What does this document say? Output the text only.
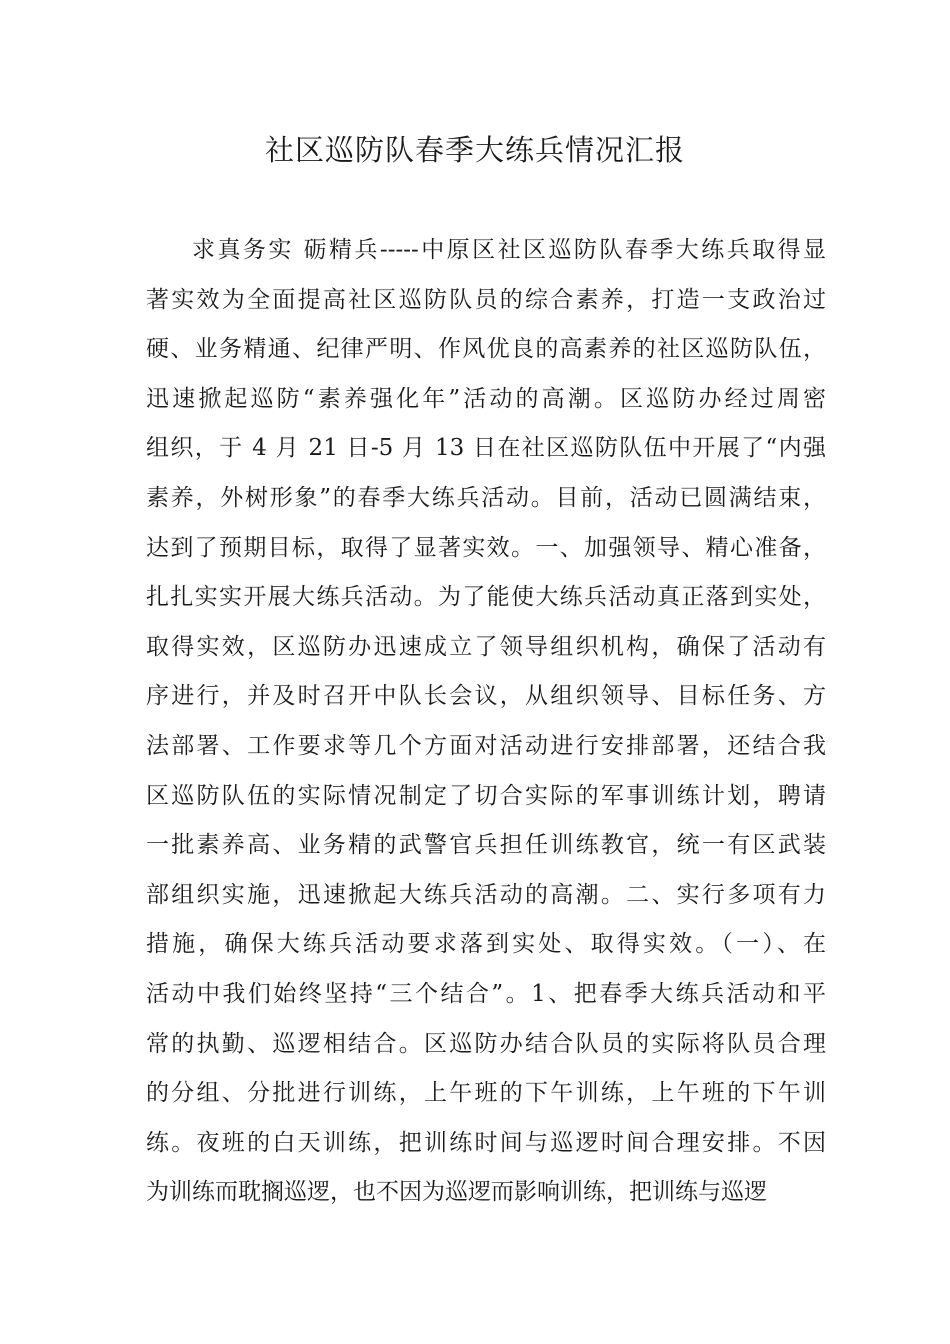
社区巡防队春季大练兵情况汇报
求真务实 砺精兵-----中原区社区巡防队春季大练兵取得显
著实效为全面提高社区巡防队员的综合素养，打造一支政治过
硬、业务精通、纪律严明、作风优良的高素养的社区巡防队伍，
迅速掀起巡防“素养强化年”活动的高潮。区巡防办经过周密
组织，于 4 月 21 日-5 月 13 日在社区巡防队伍中开展了“内强
素养，外树形象”的春季大练兵活动。目前，活动已圆满结束，
达到了预期目标，取得了显著实效。一、加强领导、精心准备，
扎扎实实开展大练兵活动。为了能使大练兵活动真正落到实处，
取得实效，区巡防办迅速成立了领导组织机构，确保了活动有
序进行，并及时召开中队长会议，从组织领导、目标任务、方
法部署、工作要求等几个方面对活动进行安排部署，还结合我
区巡防队伍的实际情况制定了切合实际的军事训练计划，聘请
一批素养高、业务精的武警官兵担任训练教官，统一有区武装
部组织实施，迅速掀起大练兵活动的高潮。二、实行多项有力
措施，确保大练兵活动要求落到实处、取得实效。（一）、在
活动中我们始终坚持“三个结合”。1、把春季大练兵活动和平
常的执勤、巡逻相结合。区巡防办结合队员的实际将队员合理
的分组、分批进行训练，上午班的下午训练，上午班的下午训
练。夜班的白天训练，把训练时间与巡逻时间合理安排。不因
为训练而耽搁巡逻，也不因为巡逻而影响训练，把训练与巡逻
